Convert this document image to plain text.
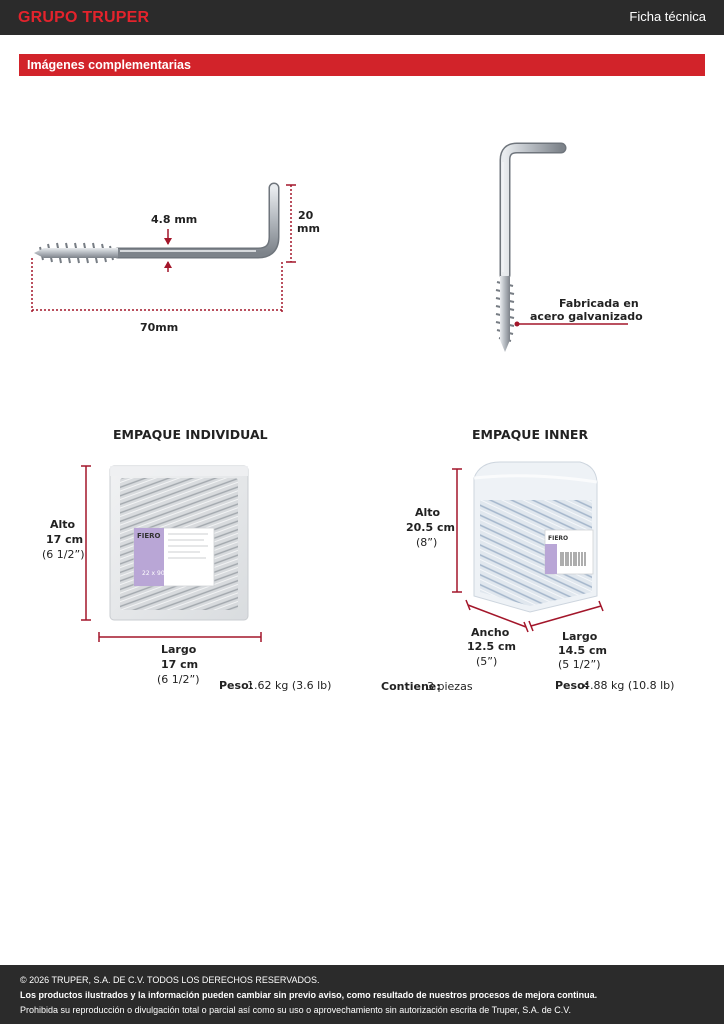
GRUPO TRUPER	Ficha técnica
Imágenes complementarias
4.8 mm	20
mm
70mm
Fabricada en
acero galvanizado
EMPAQUE INDIVIDUAL
FIERO
22 x 90
Alto
17 cm
(6 1/2”)
Largo
17 cm
(6 1/2”) Peso:
1.62 kg (3.6 lb)
EMPAQUE INNER
FIERO
Alto
20.5 cm
(8”)
Ancho
12.5 cm
(5”)
Largo
14.5 cm
(5 1/2”)
Contiene:
3 piezas	Peso:
4.88 kg (10.8 lb)
© 2026 TRUPER, S.A. DE C.V. TODOS LOS DERECHOS RESERVADOS.
Los productos ilustrados y la información pueden cambiar sin previo aviso, como resultado de nuestros procesos de mejora continua.
Prohibida su reproducción o divulgación total o parcial así como su uso o aprovechamiento sin autorización escrita de Truper, S.A. de C.V.
